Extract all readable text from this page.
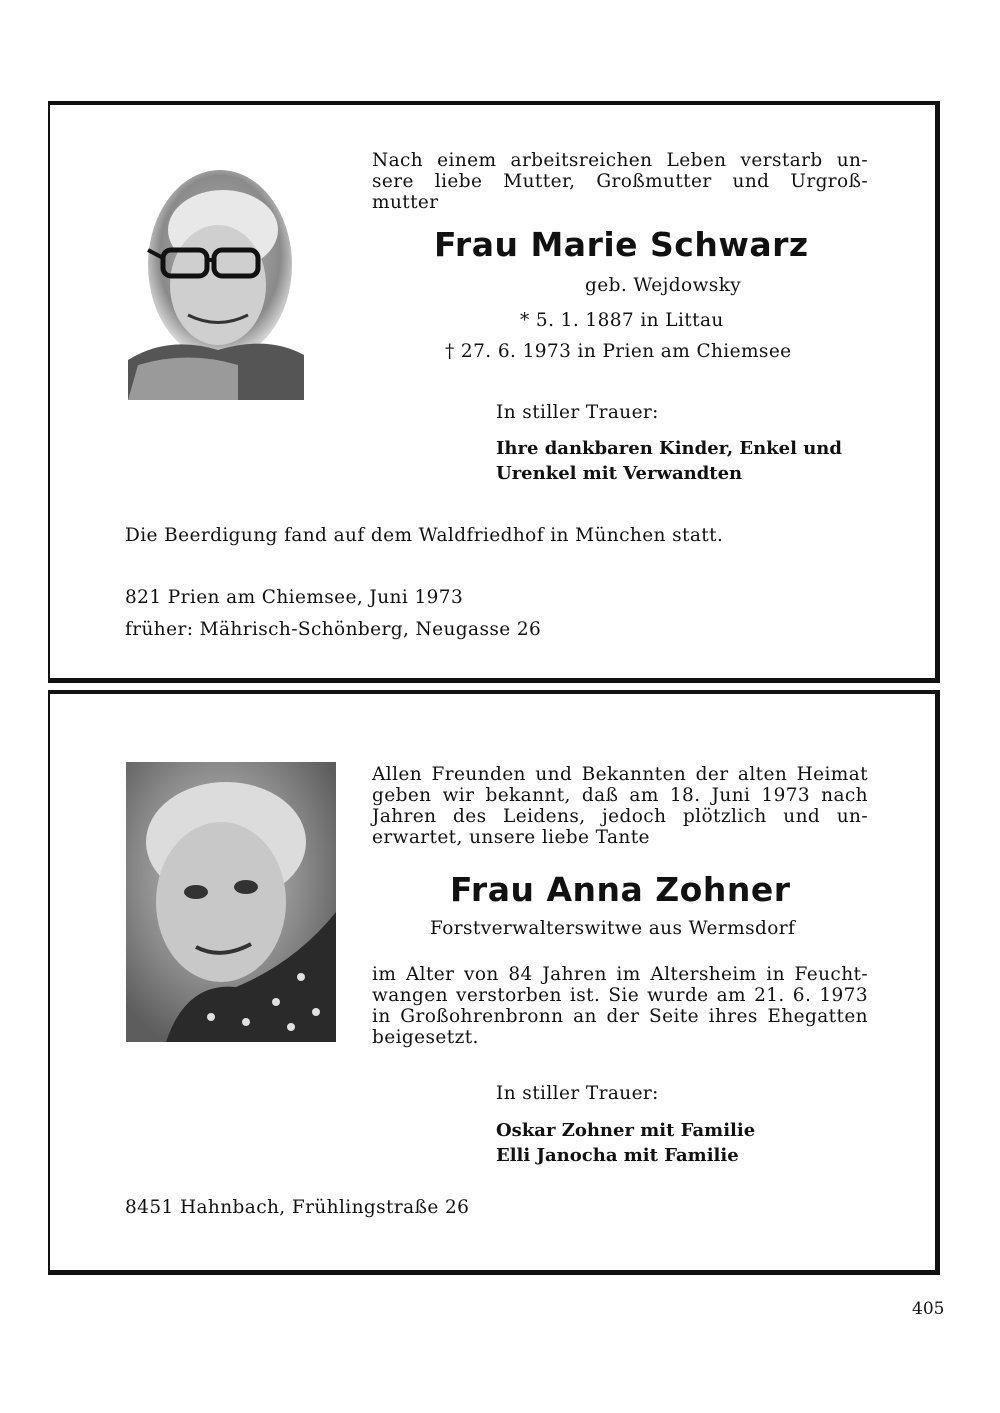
Nach einem arbeitsreichen Leben verstarb un-
sere liebe Mutter, Großmutter und Urgroß-
mutter

Frau Marie Schwarz
geb. Wejdowsky
* 5. 1. 1887 in Littau
† 27. 6. 1973 in Prien am Chiemsee
In stiller Trauer:
Ihre dankbaren Kinder, Enkel und
Urenkel mit Verwandten
Die Beerdigung fand auf dem Waldfriedhof in München statt.
821 Prien am Chiemsee, Juni 1973
früher: Mährisch-Schönberg, Neugasse 26

Allen Freunden und Bekannten der alten Heimat
geben wir bekannt, daß am 18. Juni 1973 nach
Jahren des Leidens, jedoch plötzlich und un-
erwartet, unsere liebe Tante

Frau Anna Zohner
Forstverwalterswitwe aus Wermsdorf

im Alter von 84 Jahren im Altersheim in Feucht-
wangen verstorben ist. Sie wurde am 21. 6. 1973
in Großohrenbronn an der Seite ihres Ehegatten
beigesetzt.

In stiller Trauer:
Oskar Zohner mit Familie
Elli Janocha mit Familie
8451 Hahnbach, Frühlingstraße 26
405
